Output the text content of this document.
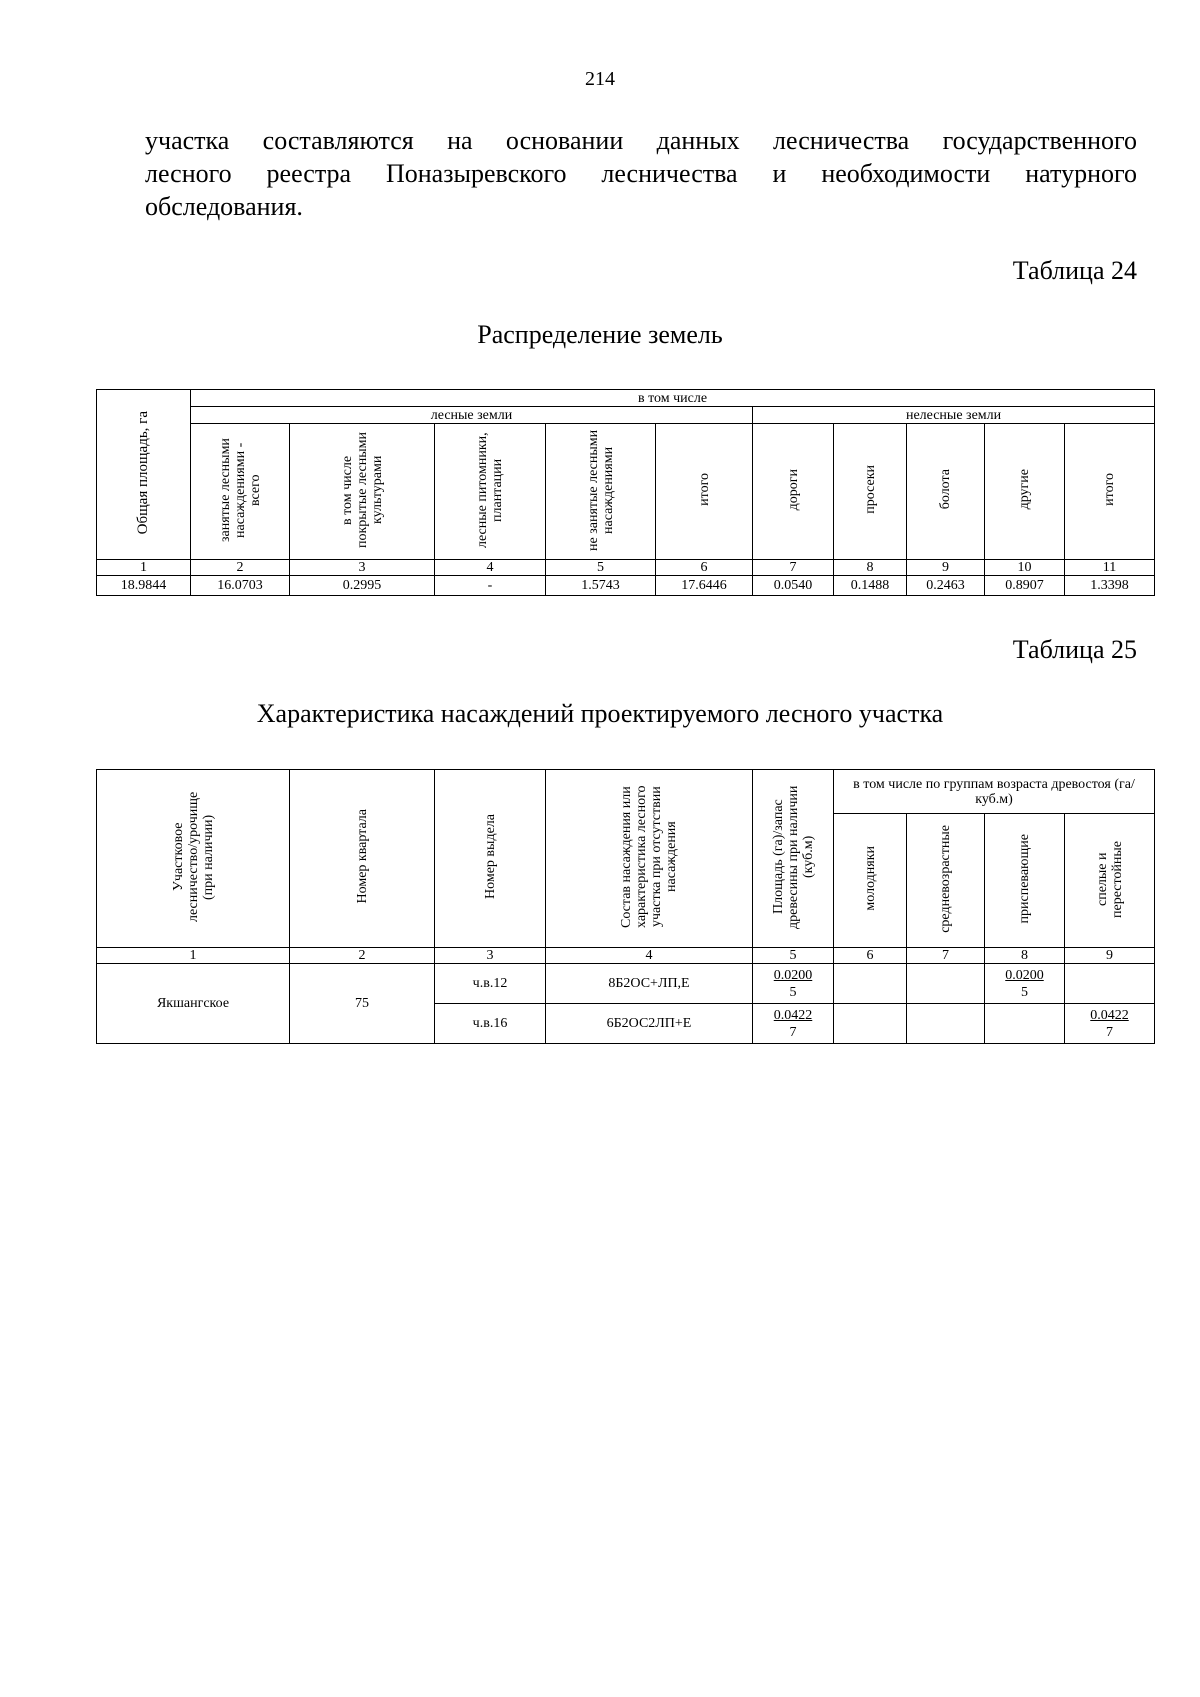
214
участка составляются на основании данных лесничества государственного
лесного реестра Поназыревского лесничества и необходимости натурного
обследования.
Таблица 24
Распределение земель
Общая площадь, га	в том числе									
	лесные земли					нелесные земли				
	занятые лесными насаждениями - всего	в том числе покрытые лесными культурами	лесные питомники, плантации	не занятые лесными насаждениями	итого	дороги	просеки	болота	другие	итого
1	2	3	4	5	6	7	8	9	10	11
18.9844	16.0703	0.2995	-	1.5743	17.6446	0.0540	0.1488	0.2463	0.8907	1.3398
Таблица 25
Характеристика насаждений проектируемого лесного участка
Участковое лесничество/урочище (при наличии)	Номер квартала	Номер выдела	Состав насаждения или характеристика лесного участка при отсутствии насаждения	Площадь (га)/запас древесины при наличии (куб.м)	в том числе по группам возраста древостоя (га/куб.м)			
					молодняки	средневозрастные	приспевающие	спелые и перестойные
1	2	3	4	5	6	7	8	9
Якшангское	75	ч.в.12	8Б2ОС+ЛП,Е	$\frac{0.0200}{5}$			$\frac{0.0200}{5}$

		ч.в.16	6Б2ОС2ЛП+Е	$\frac{0.0422}{7}$				$\frac{0.0422}{7}$
